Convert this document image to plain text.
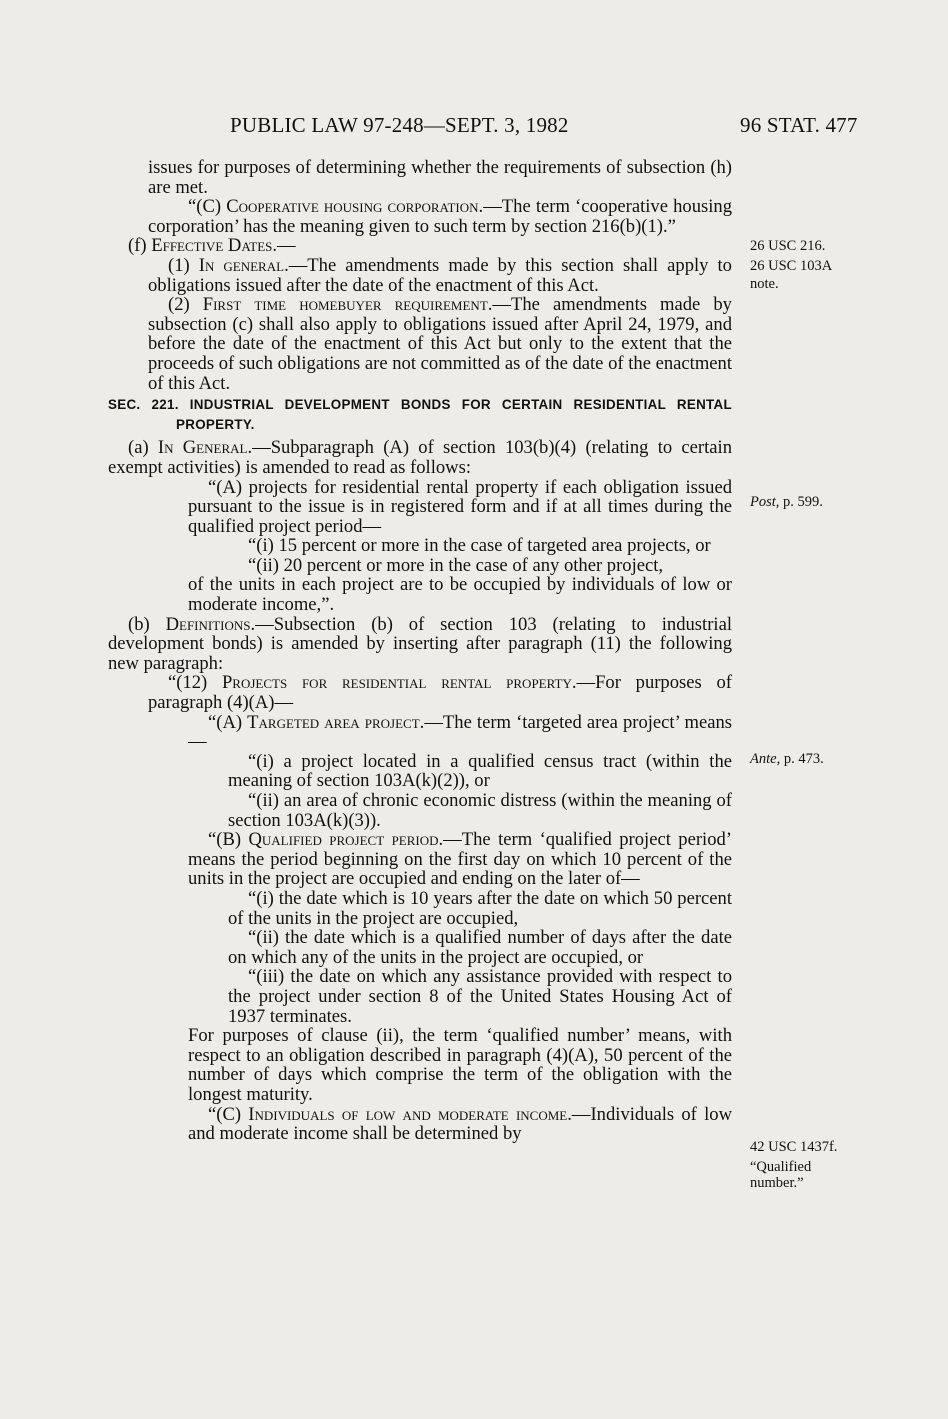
PUBLIC LAW 97-248—SEPT. 3, 1982	96 STAT. 477
26 USC 216.
26 USC 103A
note.
Post, p. 599.
Ante, p. 473.
42 USC 1437f.
“Qualified
number.”

issues for purposes of determining whether the requirements of subsection (h) are met.

“(C) Cooperative housing corporation.—The term ‘cooperative housing corporation’ has the meaning given to such term by section 216(b)(1).”

(f) Effective Dates.—

(1) In general.—The amendments made by this section shall apply to obligations issued after the date of the enactment of this Act.

(2) First time homebuyer requirement.—The amendments made by subsection (c) shall also apply to obligations issued after April 24, 1979, and before the date of the enactment of this Act but only to the extent that the proceeds of such obligations are not committed as of the date of the enactment of this Act.

SEC. 221. INDUSTRIAL DEVELOPMENT BONDS FOR CERTAIN RESIDENTIAL RENTAL PROPERTY.

(a) In General.—Subparagraph (A) of section 103(b)(4) (relating to certain exempt activities) is amended to read as follows:

“(A) projects for residential rental property if each obligation issued pursuant to the issue is in registered form and if at all times during the qualified project period—

“(i) 15 percent or more in the case of targeted area projects, or

“(ii) 20 percent or more in the case of any other project,

of the units in each project are to be occupied by individuals of low or moderate income,”.

(b) Definitions.—Subsection (b) of section 103 (relating to industrial development bonds) is amended by inserting after paragraph (11) the following new paragraph:

“(12) Projects for residential rental property.—For purposes of paragraph (4)(A)—

“(A) Targeted area project.—The term ‘targeted area project’ means—

“(i) a project located in a qualified census tract (within the meaning of section 103A(k)(2)), or

“(ii) an area of chronic economic distress (within the meaning of section 103A(k)(3)).

“(B) Qualified project period.—The term ‘qualified project period’ means the period beginning on the first day on which 10 percent of the units in the project are occupied and ending on the later of—

“(i) the date which is 10 years after the date on which 50 percent of the units in the project are occupied,

“(ii) the date which is a qualified number of days after the date on which any of the units in the project are occupied, or

“(iii) the date on which any assistance provided with respect to the project under section 8 of the United States Housing Act of 1937 terminates.

For purposes of clause (ii), the term ‘qualified number’ means, with respect to an obligation described in paragraph (4)(A), 50 percent of the number of days which comprise the term of the obligation with the longest maturity.

“(C) Individuals of low and moderate income.—Individuals of low and moderate income shall be determined by
